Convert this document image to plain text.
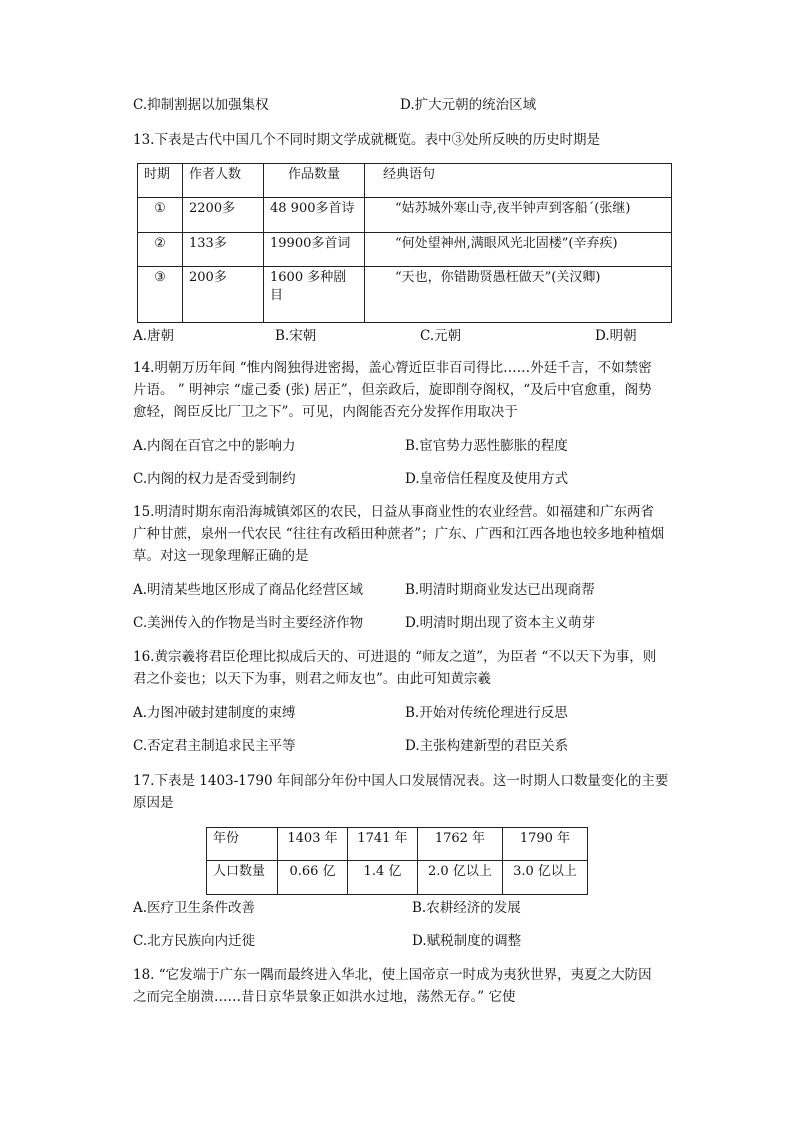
C.抑制割据以加强集权	D.扩大元朝的统治区域
13.下表是古代中国几个不同时期文学成就概览。表中③处所反映的历史时期是
时期	作者人数	作品数量	经典语句
①	2200多	48 900多首诗	“姑苏城外寒山寺,夜半钟声到客船ˊ(张继)
②	133多	19900多首词	“何处望神州,满眼风光北固楼”(辛弃疾)
③	200多	1600 多种剧目	“天也，你错勘贤愚枉做天”(关汉卿)
A.唐朝	B.宋朝	C.元朝	D.明朝
14.明朝万历年间 “惟内阁独得进密揭，盖心膂近臣非百司得比……外廷千言，不如禁密
片语。 ” 明神宗 “虚己委 (张) 居正”，但亲政后，旋即削夺阁权，“及后中官愈重，阁势
愈轻，阁臣反比厂卫之下”。可见，内阁能否充分发挥作用取决于
A.内阁在百官之中的影响力	B.宦官势力恶性膨胀的程度
C.内阁的权力是否受到制约	D.皇帝信任程度及使用方式
15.明清时期东南沿海城镇郊区的农民，日益从事商业性的农业经营。如福建和广东两省
广种甘蔗，泉州一代农民 “往往有改稻田种蔗者”；广东、广西和江西各地也较多地种植烟
草。对这一现象理解正确的是
A.明清某些地区形成了商品化经营区域	B.明清时期商业发达已出现商帮
C.美洲传入的作物是当时主要经济作物	D.明清时期出现了资本主义萌芽
16.黄宗羲将君臣伦理比拟成后天的、可进退的 “师友之道”，为臣者 “不以天下为事，则
君之仆妾也；以天下为事，则君之师友也”。由此可知黄宗羲
A.力图冲破封建制度的束缚	B.开始对传统伦理进行反思
C.否定君主制追求民主平等	D.主张构建新型的君臣关系
17.下表是 1403-1790 年间部分年份中国人口发展情况表。这一时期人口数量变化的主要
原因是
年份	1403 年	1741 年	1762 年	1790 年
人口数量	0.66 亿	1.4 亿	2.0 亿以上	3.0 亿以上
A.医疗卫生条件改善	B.农耕经济的发展
C.北方民族向内迁徙	D.赋税制度的调整
18. “它发端于广东一隅而最终进入华北，使上国帝京一时成为夷狄世界，夷夏之大防因
之而完全崩溃……昔日京华景象正如洪水过地，荡然无存。” 它使
